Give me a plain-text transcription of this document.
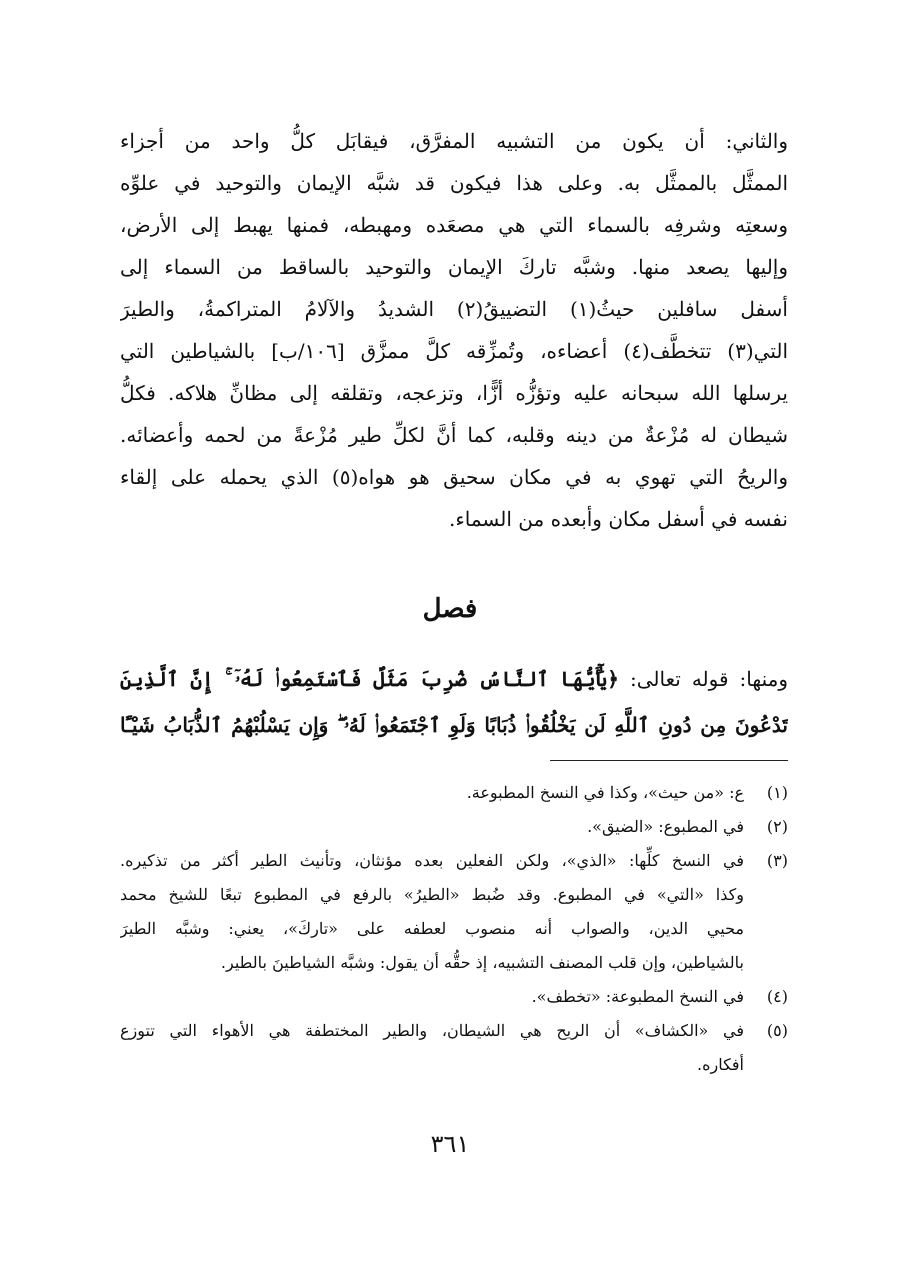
والثاني: أن يكون من التشبيه المفرَّق، فيقابَل كلُّ واحد من أجزاء
الممثَّل بالممثَّل به. وعلى هذا فيكون قد شبَّه الإيمان والتوحيد في علوِّه
وسعتِه وشرفِه بالسماء التي هي مصعَده ومهبطه، فمنها يهبط إلى الأرض،
وإليها يصعد منها. وشبَّه تاركَ الإيمان والتوحيد بالساقط من السماء إلى
أسفل سافلين حيثُ(١) التضييقُ(٢) الشديدُ والآلامُ المتراكمةُ، والطيرَ
التي(٣) تتخطَّف(٤) أعضاءه، وتُمزِّقه كلَّ ممزَّق [١٠٦/ب] بالشياطين التي
يرسلها الله سبحانه عليه وتؤزُّه أزًّا، وتزعجه، وتقلقه إلى مظانِّ هلاكه. فكلُّ
شيطان له مُزْعةٌ من دينه وقلبه، كما أنَّ لكلِّ طير مُزْعةً من لحمه وأعضائه.
والريحُ التي تهوي به في مكان سحيق هو هواه(٥) الذي يحمله على إلقاء
نفسه في أسفل مكان وأبعده من السماء.
فصل
ومنها: قوله تعالى: ﴿يَٰٓأَيُّهَا ٱلنَّاسُ ضُرِبَ مَثَلٌ فَٱسْتَمِعُوا۟ لَهُۥٓ ۚ إِنَّ ٱلَّذِينَ
تَدْعُونَ مِن دُونِ ٱللَّهِ لَن يَخْلُقُوا۟ ذُبَابًا وَلَوِ ٱجْتَمَعُوا۟ لَهُۥ ۖ وَإِن يَسْلُبْهُمُ ٱلذُّبَابُ شَيْـًٔا
(١)
ع: «من حيث»، وكذا في النسخ المطبوعة.
(٢)
في المطبوع: «الضيق».
(٣)
في النسخ كلِّها: «الذي»، ولكن الفعلين بعده مؤنثان، وتأنيث الطير أكثر من تذكيره.
وكذا «التي» في المطبوع. وقد ضُبط «الطيرُ» بالرفع في المطبوع تبعًا للشيخ محمد
محيي الدين، والصواب أنه منصوب لعطفه على «تاركَ»، يعني: وشبَّه الطيرَ
بالشياطين، وإن قلب المصنف التشبيه، إذ حقُّه أن يقول: وشبَّه الشياطينَ بالطير.
(٤)
في النسخ المطبوعة: «تخطف».
(٥)
في «الكشاف» أن الريح هي الشيطان، والطير المختطفة هي الأهواء التي تتوزع
أفكاره.
٣٦١
